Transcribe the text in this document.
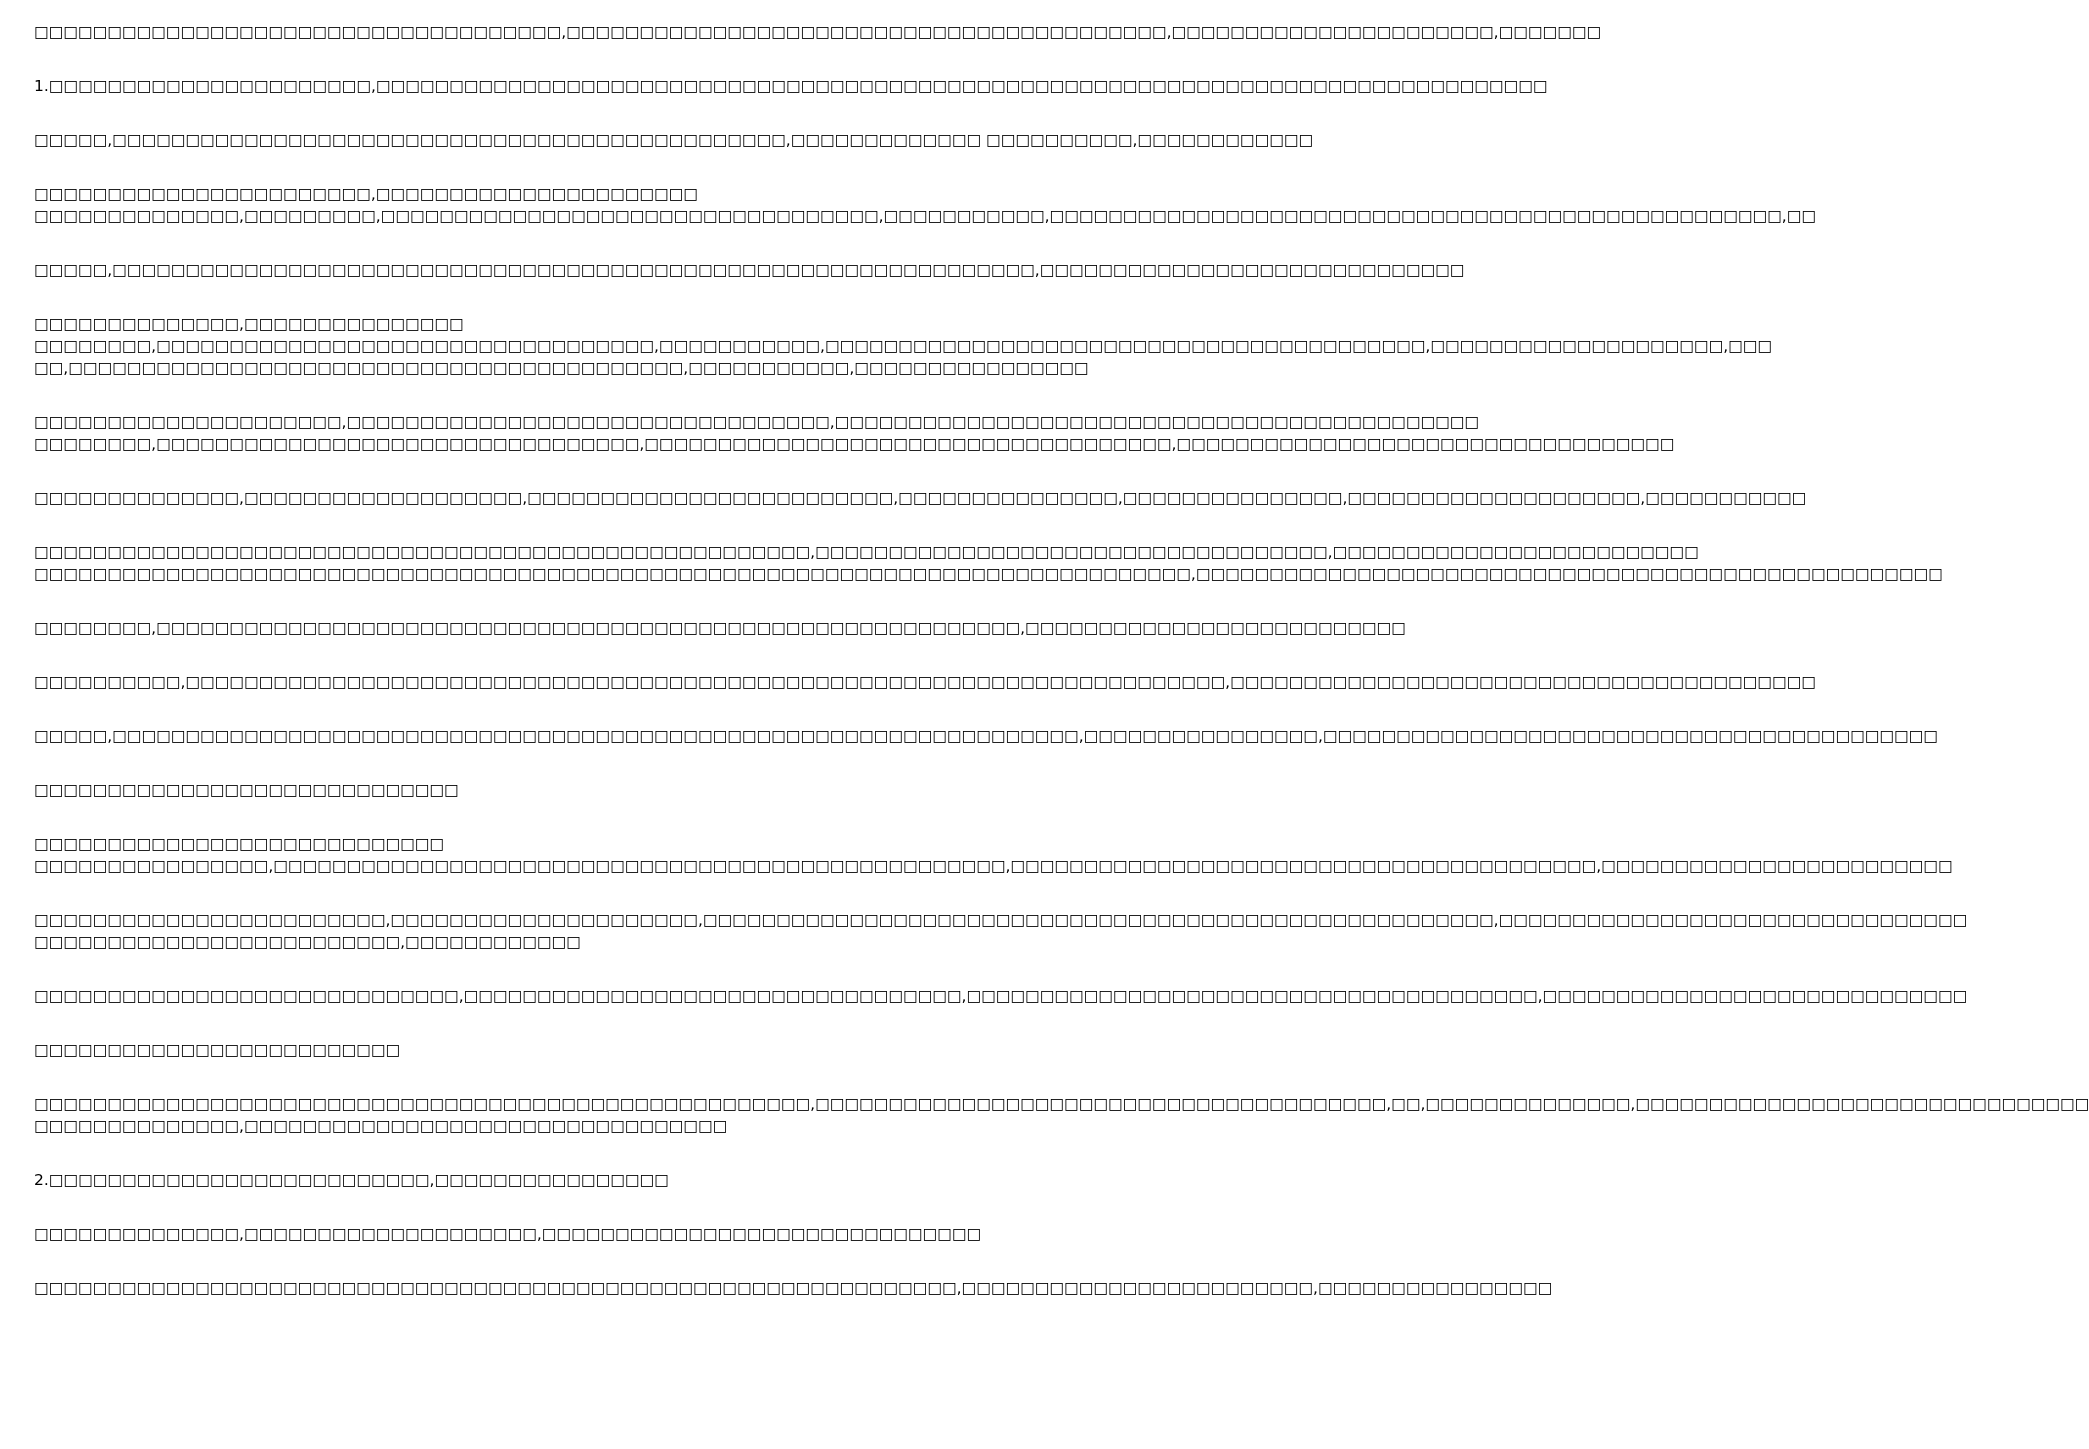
□□□□□□□□□□□□□□□□□□□□□□□□□□□□□□□□□□□□,□□□□□□□□□□□□□□□□□□□□□□□□□□□□□□□□□□□□□□□□□,□□□□□□□□□□□□□□□□□□□□□□,□□□□□□□
1.□□□□□□□□□□□□□□□□□□□□□□,□□□□□□□□□□□□□□□□□□□□□□□□□□□□□□□□□□□□□□□□□□□□□□□□□□□□□□□□□□□□□□□□□□□□□□□□□□□□□□□□
□□□□□,□□□□□□□□□□□□□□□□□□□□□□□□□□□□□□□□□□□□□□□□□□□□□□,□□□□□□□□□□□□□ □□□□□□□□□□,□□□□□□□□□□□□
□□□□□□□□□□□□□□□□□□□□□□□,□□□□□□□□□□□□□□□□□□□□□□
□□□□□□□□□□□□□□,□□□□□□□□□,□□□□□□□□□□□□□□□□□□□□□□□□□□□□□□□□□□,□□□□□□□□□□□,□□□□□□□□□□□□□□□□□□□□□□□□□□□□□□□□□□□□□□□□□□□□□□□□□□,□□
□□□□□,□□□□□□□□□□□□□□□□□□□□□□□□□□□□□□□□□□□□□□□□□□□□□□□□□□□□□□□□□□□□□□□,□□□□□□□□□□□□□□□□□□□□□□□□□□□□□
□□□□□□□□□□□□□□,□□□□□□□□□□□□□□□
□□□□□□□□,□□□□□□□□□□□□□□□□□□□□□□□□□□□□□□□□□□,□□□□□□□□□□□,□□□□□□□□□□□□□□□□□□□□□□□□□□□□□□□□□□□□□□□□□,□□□□□□□□□□□□□□□□□□□□,□□□
□□,□□□□□□□□□□□□□□□□□□□□□□□□□□□□□□□□□□□□□□□□□□,□□□□□□□□□□□,□□□□□□□□□□□□□□□□
□□□□□□□□□□□□□□□□□□□□□,□□□□□□□□□□□□□□□□□□□□□□□□□□□□□□□□□,□□□□□□□□□□□□□□□□□□□□□□□□□□□□□□□□□□□□□□□□□□□□
□□□□□□□□,□□□□□□□□□□□□□□□□□□□□□□□□□□□□□□□□□,□□□□□□□□□□□□□□□□□□□□□□□□□□□□□□□□□□□□,□□□□□□□□□□□□□□□□□□□□□□□□□□□□□□□□□□
□□□□□□□□□□□□□□,□□□□□□□□□□□□□□□□□□□,□□□□□□□□□□□□□□□□□□□□□□□□□,□□□□□□□□□□□□□□□,□□□□□□□□□□□□□□□,□□□□□□□□□□□□□□□□□□□□,□□□□□□□□□□□
□□□□□□□□□□□□□□□□□□□□□□□□□□□□□□□□□□□□□□□□□□□□□□□□□□□□□,□□□□□□□□□□□□□□□□□□□□□□□□□□□□□□□□□□□,□□□□□□□□□□□□□□□□□□□□□□□□□
□□□□□□□□□□□□□□□□□□□□□□□□□□□□□□□□□□□□□□□□□□□□□□□□□□□□□□□□□□□□□□□□□□□□□□□□□□□□□□□,□□□□□□□□□□□□□□□□□□□□□□□□□□□□□□□□□□□□□□□□□□□□□□□□□□□
□□□□□□□□,□□□□□□□□□□□□□□□□□□□□□□□□□□□□□□□□□□□□□□□□□□□□□□□□□□□□□□□□□□□,□□□□□□□□□□□□□□□□□□□□□□□□□□
□□□□□□□□□□,□□□□□□□□□□□□□□□□□□□□□□□□□□□□□□□□□□□□□□□□□□□□□□□□□□□□□□□□□□□□□□□□□□□□□□□,□□□□□□□□□□□□□□□□□□□□□□□□□□□□□□□□□□□□□□□□
□□□□□,□□□□□□□□□□□□□□□□□□□□□□□□□□□□□□□□□□□□□□□□□□□□□□□□□□□□□□□□□□□□□□□□□□,□□□□□□□□□□□□□□□□,□□□□□□□□□□□□□□□□□□□□□□□□□□□□□□□□□□□□□□□□□□
□□□□□□□□□□□□□□□□□□□□□□□□□□□□□
□□□□□□□□□□□□□□□□□□□□□□□□□□□□
□□□□□□□□□□□□□□□□,□□□□□□□□□□□□□□□□□□□□□□□□□□□□□□□□□□□□□□□□□□□□□□□□□□,□□□□□□□□□□□□□□□□□□□□□□□□□□□□□□□□□□□□□□□□,□□□□□□□□□□□□□□□□□□□□□□□□
□□□□□□□□□□□□□□□□□□□□□□□□,□□□□□□□□□□□□□□□□□□□□□,□□□□□□□□□□□□□□□□□□□□□□□□□□□□□□□□□□□□□□□□□□□□□□□□□□□□□□,□□□□□□□□□□□□□□□□□□□□□□□□□□□□□□□□
□□□□□□□□□□□□□□□□□□□□□□□□□,□□□□□□□□□□□□
□□□□□□□□□□□□□□□□□□□□□□□□□□□□□,□□□□□□□□□□□□□□□□□□□□□□□□□□□□□□□□□□,□□□□□□□□□□□□□□□□□□□□□□□□□□□□□□□□□□□□□□□,□□□□□□□□□□□□□□□□□□□□□□□□□□□□□
□□□□□□□□□□□□□□□□□□□□□□□□□
□□□□□□□□□□□□□□□□□□□□□□□□□□□□□□□□□□□□□□□□□□□□□□□□□□□□□,□□□□□□□□□□□□□□□□□□□□□□□□□□□□□□□□□□□□□□□,□□,□□□□□□□□□□□□□□,□□□□□□□□□□□□□□□□□□□□□□□□□□□□□□□
□□□□□□□□□□□□□□,□□□□□□□□□□□□□□□□□□□□□□□□□□□□□□□□□
2.□□□□□□□□□□□□□□□□□□□□□□□□□□,□□□□□□□□□□□□□□□□
□□□□□□□□□□□□□□,□□□□□□□□□□□□□□□□□□□□,□□□□□□□□□□□□□□□□□□□□□□□□□□□□□□
□□□□□□□□□□□□□□□□□□□□□□□□□□□□□□□□□□□□□□□□□□□□□□□□□□□□□□□□□□□□□□□,□□□□□□□□□□□□□□□□□□□□□□□□,□□□□□□□□□□□□□□□□
